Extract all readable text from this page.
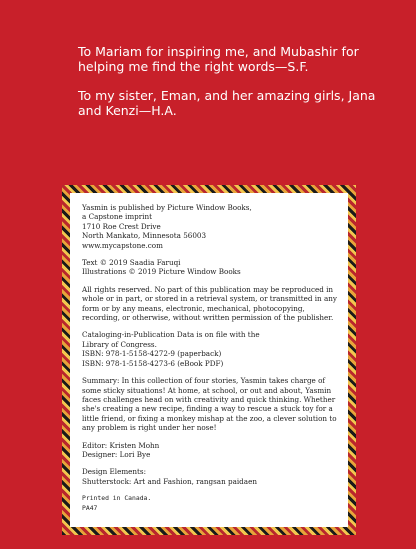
To Mariam for inspiring me, and Mubashir for helping me find the right words—S.F.

To my sister, Eman, and her amazing girls, Jana and Kenzi—H.A.

Yasmin is published by Picture Window Books,
a Capstone imprint
1710 Roe Crest Drive
North Mankato, Minnesota 56003
www.mycapstone.com

Text © 2019 Saadia Faruqi
Illustrations © 2019 Picture Window Books

All rights reserved. No part of this publication may be reproduced in whole or in part, or stored in a retrieval system, or transmitted in any form or by any means, electronic, mechanical, photocopying, recording, or otherwise, without written permission of the publisher.

Cataloging-in-Publication Data is on file with the
Library of Congress.
ISBN: 978-1-5158-4272-9 (paperback)
ISBN: 978-1-5158-4273-6 (eBook PDF)

Summary: In this collection of four stories, Yasmin takes charge of some sticky situations! At home, at school, or out and about, Yasmin faces challenges head on with creativity and quick thinking. Whether she's creating a new recipe, finding a way to rescue a stuck toy for a little friend, or fixing a monkey mishap at the zoo, a clever solution to any problem is right under her nose!

Editor: Kristen Mohn
Designer: Lori Bye

Design Elements:
Shutterstock: Art and Fashion, rangsan paidaen

Printed in Canada.
PA47
